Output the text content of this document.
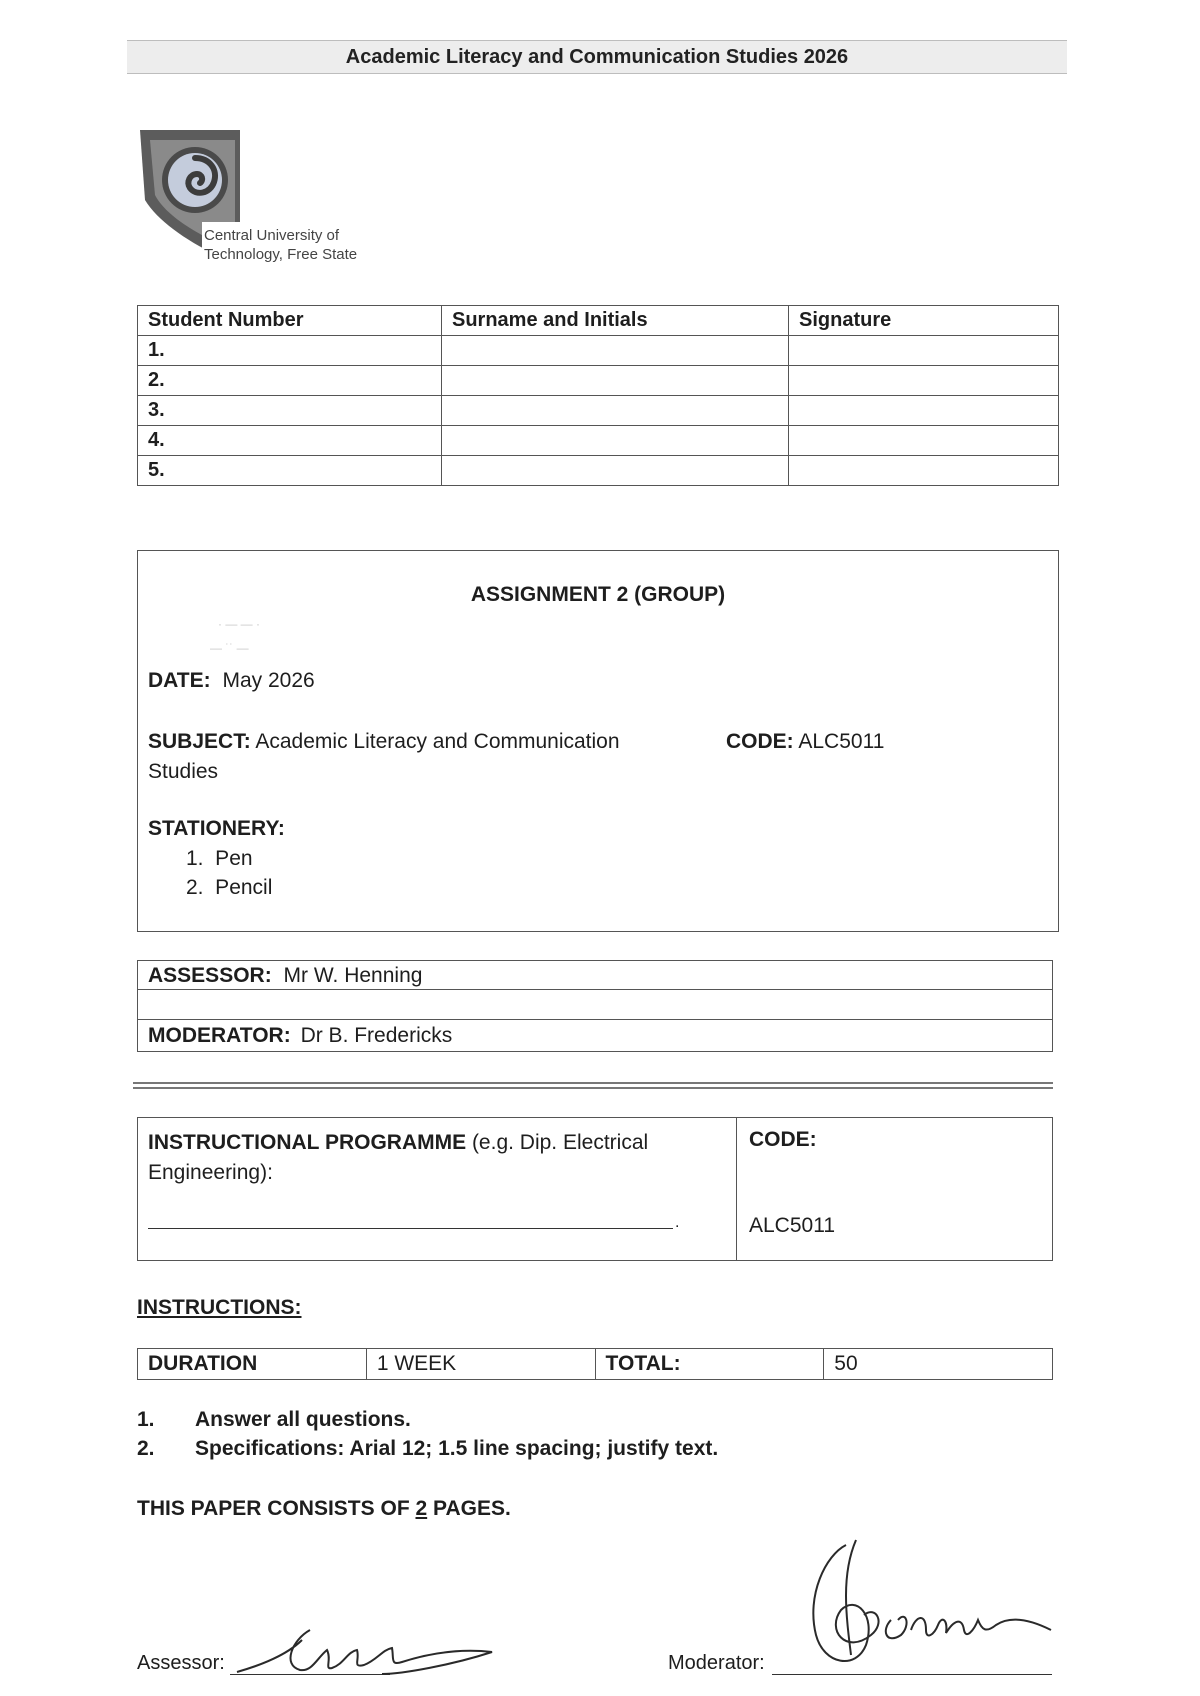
Academic Literacy and Communication Studies 2026
Central University of
Technology, Free State
Student Number	Surname and Initials	Signature
1.		
2.		
3.		
4.		
5.		
ASSIGNMENT 2 (GROUP)
· — — ·
— ˙˙ —
DATE: May 2026
SUBJECT: Academic Literacy and Communication
Studies
CODE: ALC5011
STATIONERY:
1.  Pen
2.  Pencil
ASSESSOR: Mr W. Henning
MODERATOR: Dr B. Fredericks
INSTRUCTIONAL PROGRAMME (e.g. Dip. Electrical
Engineering):
.
CODE:
ALC5011
INSTRUCTIONS:
DURATION	1 WEEK	TOTAL:	50
1. Answer all questions.
2. Specifications: Arial 12; 1.5 line spacing; justify text.
THIS PAPER CONSISTS OF 2 PAGES.
Assessor:	Moderator:
